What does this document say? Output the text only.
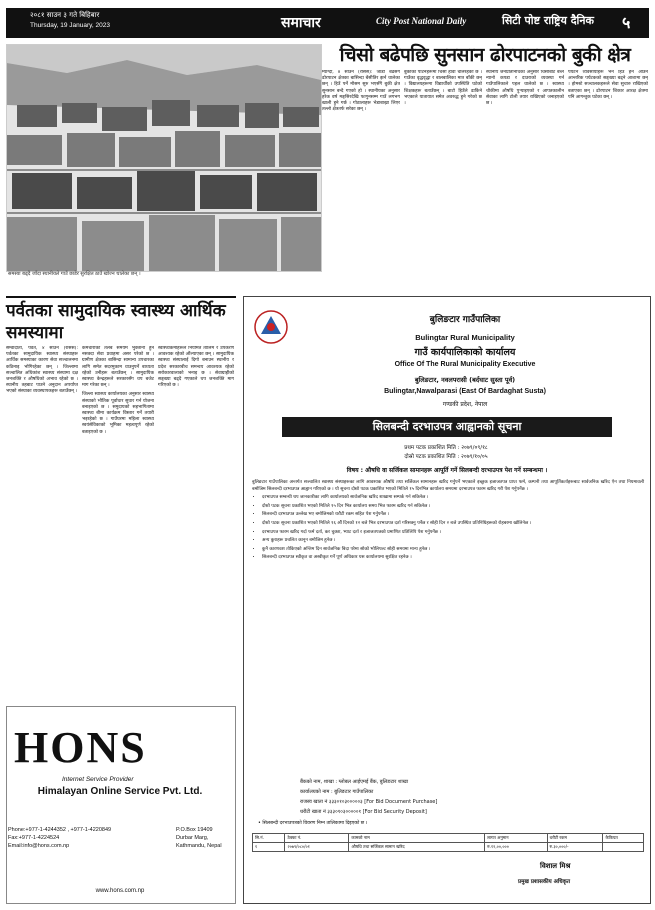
२०८१ साउन ३ गते बिहिबार
Thursday, 19 January, 2023	समाचार	City Post National Daily	सिटी पोष्ट राष्ट्रिय दैनिक ५
समस्या बढ्दै जाँदा स्थानीयले गाउँ छाडेर सुरक्षित ठाउँ खोज्न थालेका छन् ।
चिसो बढेपछि सुनसान ढोरपाटनको बुकी क्षेत्र

म्याग्दी, ४ साउन (रासस): जाडो बढेसँगै ढोरपाटन क्षेत्रका बासिन्दा बेंसीतिर झर्न थालेका छन् । हिउँ पर्ने मौसम सुरु भएसँगै बुकी क्षेत्र सुनसान बन्दै गएको हो । स्थानीयका अनुसार हरेक वर्ष मङ्सिरदेखि फागुनसम्म गाउँ लगभग खाली हुने गर्छ । गोठालाहरू भेडाबाख्रा लिएर तल्लो क्षेत्रतर्फ सरेका छन् ।

बुकीका पाटनहरूमा चिसो हावा चलिरहेको छ । गाउँका वृद्धवृद्धा र बालबालिका मात्र बाँकी छन् । विद्यालयहरूमा विद्यार्थीको उपस्थिति घटेको शिक्षकहरू बताउँछन् । बाटो हिउँले ढाकिने भएकाले यातायात समेत अवरुद्ध हुने गरेको छ ।

स्थानीय जनप्रतिनिधिका अनुसार चिसोबाट बच्न न्यानो कपडा र दाउराको व्यवस्था गर्न गाउँपालिकाले पहल थालेको छ । स्वास्थ्य चौकीमा औषधि पु‍र्‍याइएको र आपतकालीन सेवाका लागि टोली तयार राखिएको जनाइएको छ ।

पर्यटन व्यवसायीहरू भने हिउँ हेर्न आउने आन्तरिक पर्यटकको सङ्ख्या बढ्ने आशामा छन् । होमस्टे सञ्चालकहरूले सेवा सुचारु राखिएको बताएका छन् । ढोरपाटन शिकार आरक्ष क्षेत्रमा पनि आगन्तुक घटेका छन् ।

पर्वतका सामुदायिक स्वास्थ्य आर्थिक समस्यामा

सम्वादाता, पर्वत, ४ साउन (रासस): पर्वतका सामुदायिक स्वास्थ्य संस्थाहरू आर्थिक समस्याका कारण सेवा सञ्चालनमा कठिनाइ भोगिरहेका छन् । जिल्लामा सञ्चालित अधिकांश स्वास्थ्य संस्थामा दक्ष जनशक्ति र औषधिको अभाव रहेको छ । स्थानीय तहबाट पाउने अनुदान अपर्याप्त भएको संस्थाका व्यवस्थापकहरू बताउँछन् ।

कर्मचारीको तलब समयमै भुक्तानी हुन नसक्दा सेवा प्रवाहमा असर परेको छ । ग्रामीण क्षेत्रका बासिन्दा सामान्य उपचारका लागि समेत सदरमुकाम धाउनुपर्ने बाध्यता रहेको उनीहरू बताउँछन् । सामुदायिक स्वास्थ्य केन्द्रहरूले सरकारसँग थप बजेट माग गरेका छन् ।

जिल्ला स्वास्थ्य कार्यालयका अनुसार स्वास्थ्य संस्थाको भौतिक पूर्वाधार सुधार गर्न योजना बनाइएको छ । समुदायको सहभागितामा स्वास्थ्य बीमा कार्यक्रम विस्तार गर्ने तयारी भइरहेको छ । गाउँघरमा महिला स्वास्थ्य स्वयंसेविकाको भूमिका महत्वपूर्ण रहेको बताइएको छ ।

स्वास्थ्यकर्मीहरूले नियमित तालिम र उपकरण आवश्यक रहेको औंल्याएका छन् । सामुदायिक स्वास्थ्य संस्थालाई दिगो बनाउन स्थानीय र प्रदेश सरकारबीच समन्वय आवश्यक रहेको सरोकारवालाको भनाइ छ । सेवाग्राहीको सङ्ख्या बढ्दै गएकाले थप जनशक्ति माग गरिएको छ ।

बुलिङटार गाउँपालिका
Bulingtar Rural Municipality
गाउँ कार्यपालिकाको कार्यालय
Office Of The Rural Municipality Executive
बुलिङटार, नवलपरासी (बर्दघाट सुस्ता पूर्व)
Bulingtar,Nawalparasi (East Of Bardaghat Susta)
गण्डकी प्रदेश, नेपाल
सिलबन्दी दरभाउपत्र आह्वानको सूचना
प्रथम पटक प्रकाशित मिति : २०७९/०९/१८
दोस्रो पटक प्रकाशित मिति : २०७९/१०/०५
विषय : औषधि वा सर्जिकल सामानहरू आपूर्ति गर्ने सिलबन्दी दरभाउपत्र पेश गर्ने सम्बन्धमा ।

बुलिङटार गाउँपालिका अन्तर्गत सञ्चालित स्वास्थ्य संस्थाहरूका लागि आवश्यक औषधि तथा सर्जिकल सामानहरू खरिद गर्नुपर्ने भएकाले इच्छुक इजाजतपत्र प्राप्त फर्म, कम्पनी तथा आपूर्तिकर्ताहरूबाट सार्वजनिक खरिद ऐन तथा नियमावली बमोजिम सिलबन्दी दरभाउपत्र आह्वान गरिएको छ । यो सूचना दोस्रो पटक प्रकाशित भएको मितिले १५ दिनभित्र कार्यालय समयमा दरभाउपत्र फारम खरिद गरी पेश गर्नुपर्नेछ ।

• दरभाउपत्र सम्बन्धी थप जानकारीका लागि कार्यालयको सार्वजनिक खरिद शाखामा सम्पर्क गर्न सकिनेछ ।
• दोस्रो पटक सूचना प्रकाशित भएको मितिले १५ दिन भित्र कार्यालय समय भित्र फारम खरिद गर्न सकिनेछ ।
• सिलबन्दी दरभाउपत्र उल्लेख भए बमोजिमको धरौटी रकम सहित पेश गर्नुपर्नेछ ।
• दोस्रो पटक सूचना प्रकाशित भएको मितिले १६ औं दिनको १२ बजे भित्र दरभाउपत्र दर्ता गरिसक्नु पर्नेछ र सोही दिन २ बजे उपस्थित प्रतिनिधिहरूको रोहबरमा खोलिनेछ ।
• दरभाउपत्र फारम खरिद गर्दा फर्म दर्ता, कर चुक्ता, भ्याट दर्ता र इजाजतपत्रको प्रमाणित प्रतिलिपि पेश गर्नुपर्नेछ ।
• अन्य कुराहरू प्रचलित कानून बमोजिम हुनेछ ।
• कुनै कारणवश तोकिएको अन्तिम दिन सार्वजनिक बिदा परेमा सोको भोलिपल्ट सोही समयमा मान्य हुनेछ ।
• सिलबन्दी दरभाउपत्र स्वीकृत वा अस्वीकृत गर्ने पूर्ण अधिकार यस कार्यालयमा सुरक्षित रहनेछ ।
बैंकको नाम, शाखा : ग्लोबल आईएमई बैंक, बुलिङटार शाखा
कार्यालयको नाम : बुलिङटार गाउँपालिका
राजस्व खाता नं ३३३०१०३०००००३ [For Bid Document Purchase]
धरौटी खाता नं ३३३०१०३०००००१ [For Bid Security Deposit]
• सिलबन्दी दरभाउपत्रको विवरण निम्न तालिकामा दिइएको छ ।
सि.नं.	ठेक्का नं.	कामको नाम	लागत अनुमान	धरौटी रकम	कैफियत
१	२०७९/०८०/०१	औषधि तथा सर्जिकल सामान खरिद	रु.१२,००,०००	रु.३०,०००/-	
विशाल मिश्र
प्रमुख प्रशासकीय अधिकृत
HONS
Internet Service Provider
Himalayan Online Service Pvt. Ltd.
Phone:+977-1-4244352 , +977-1-4220849
Fax:+977-1-4224524
Email:info@hons.com.np
P.O.Box 19409
Durbar Marg,
Kathmandu, Nepal
www.hons.com.np
